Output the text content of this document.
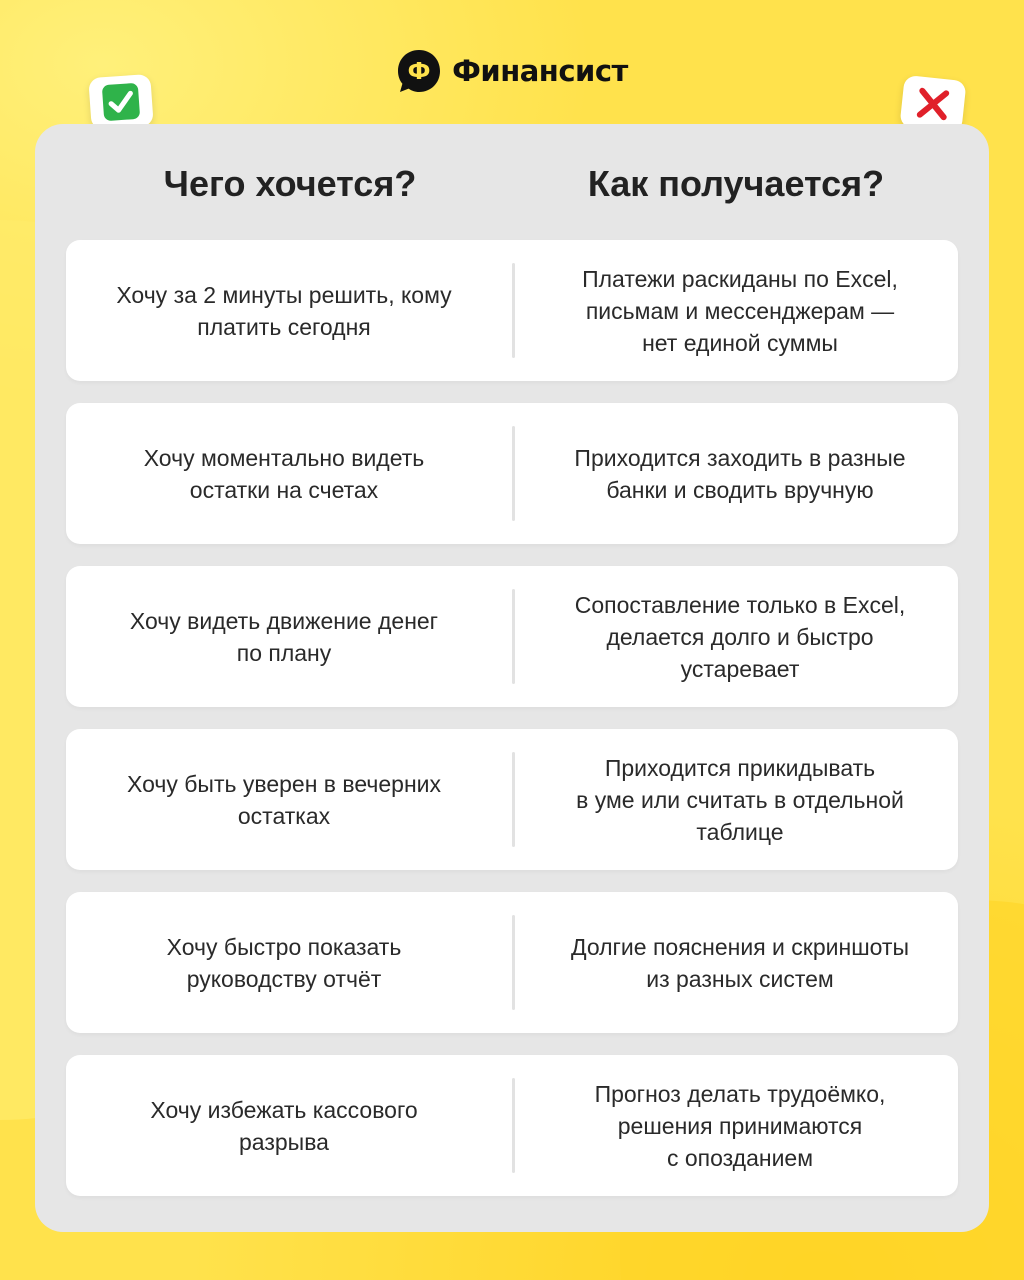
Ф Финансист
Чего хочется?	Как получается?
Хочу за 2 минуты решить, кому
платить сегодня
Платежи раскиданы по Excel,
письмам и мессенджерам —
нет единой суммы
Хочу моментально видеть
остатки на счетах
Приходится заходить в разные
банки и сводить вручную
Хочу видеть движение денег
по плану
Сопоставление только в Excel,
делается долго и быстро
устаревает
Хочу быть уверен в вечерних
остатках
Приходится прикидывать
в уме или считать в отдельной
таблице
Хочу быстро показать
руководству отчёт
Долгие пояснения и скриншоты
из разных систем
Хочу избежать кассового
разрыва
Прогноз делать трудоёмко,
решения принимаются
с опозданием
